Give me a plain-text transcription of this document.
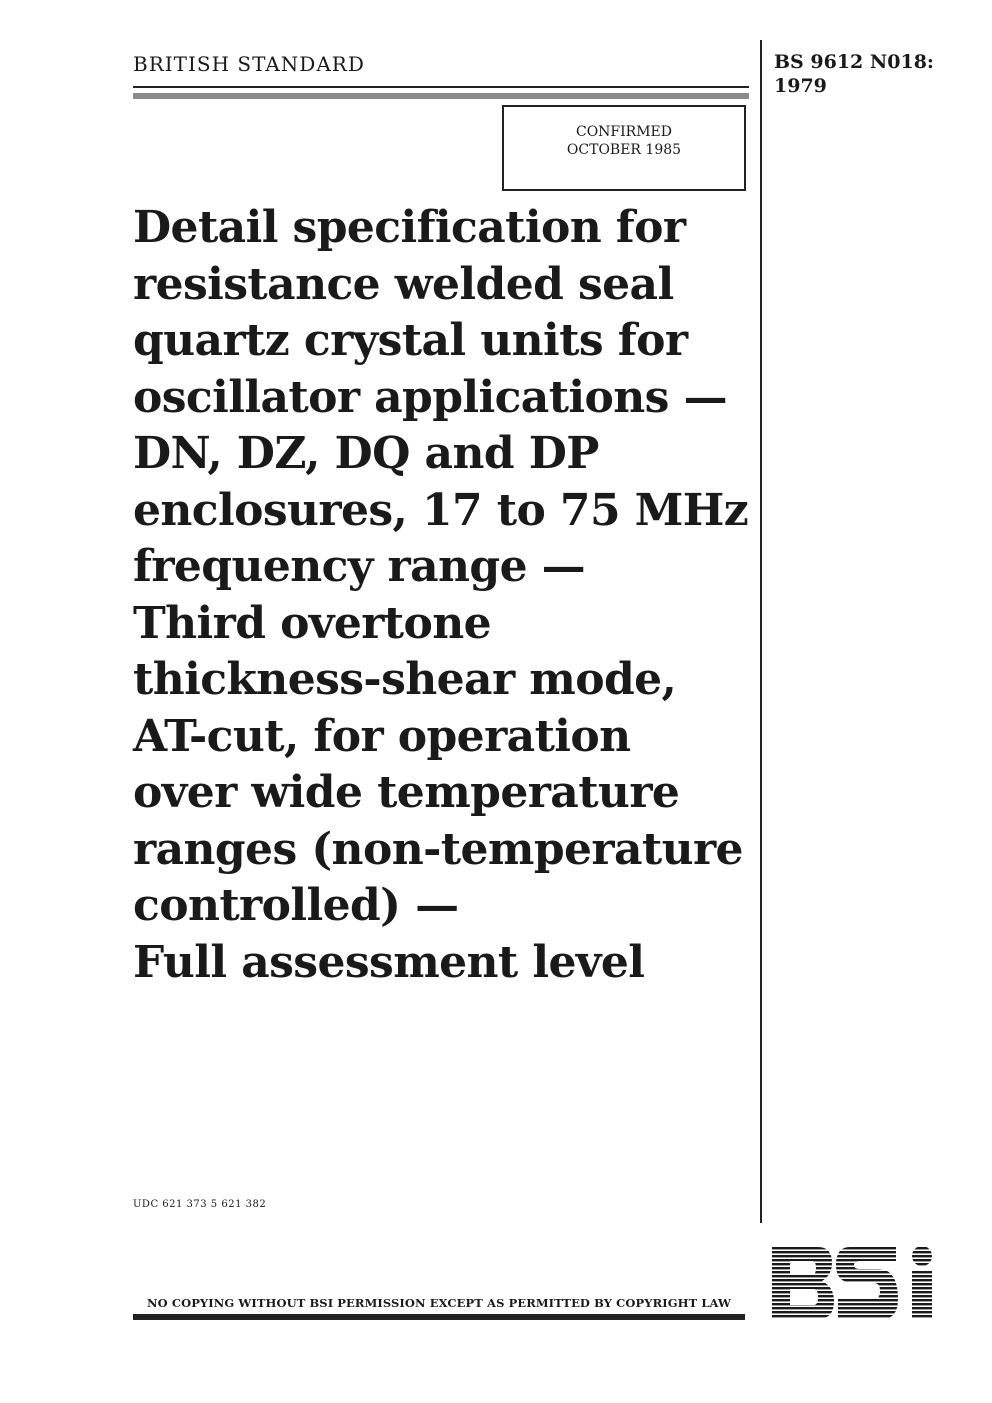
BRITISH STANDARD	BS 9612 N018:
1979
CONFIRMED
OCTOBER 1985
Detail specification for
resistance welded seal
quartz crystal units for
oscillator applications —
DN, DZ, DQ and DP
enclosures, 17 to 75 MHz
frequency range —
Third overtone
thickness-shear mode,
AT-cut, for operation
over wide temperature
ranges (non-temperature
controlled) —
Full assessment level
UDC 621 373 5 621 382
NO COPYING WITHOUT BSI PERMISSION EXCEPT AS PERMITTED BY COPYRIGHT LAW
